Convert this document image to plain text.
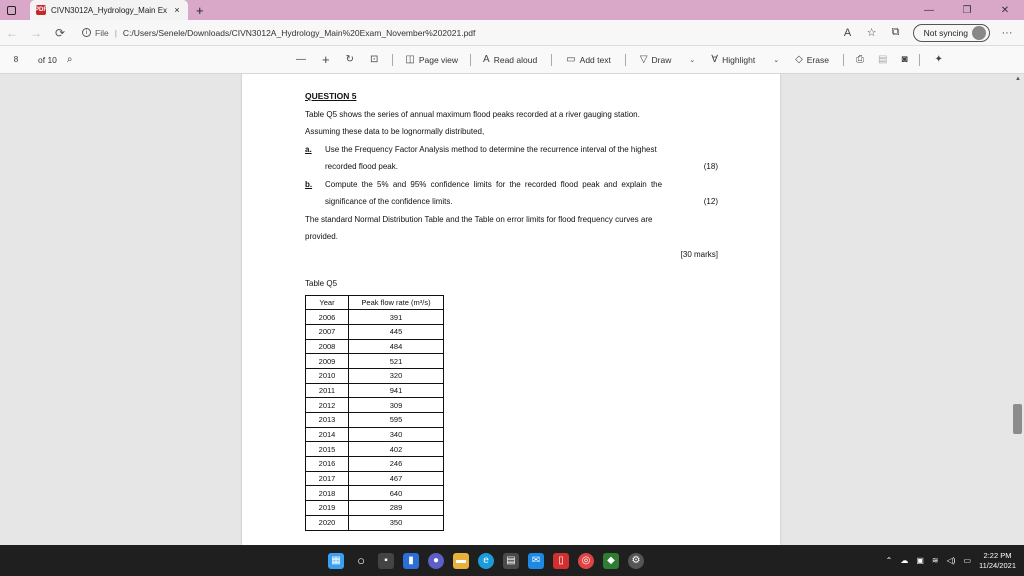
PDF CIVN3012A_Hydrology_Main Ex × +	—	❐	✕
←	→	⟳	i File | C:/Users/Senele/Downloads/CIVN3012A_Hydrology_Main%20Exam_November%202021.pdf	A	☆ ⧉	Not syncing	···
8	of 10 ⌕	— + ↻ ⊡	◫ Page view	A Read aloud	▭ Add text	▽ Draw	⌄ ∀ Highlight	⌄ ◇ Erase	⎙ ▤ ◙	✦
QUESTION 5
Table Q5 shows the series of annual maximum flood peaks recorded at a river gauging station.
Assuming these data to be lognormally distributed,
a.	Use the Frequency Factor Analysis method to determine the recurrence interval of the highest
recorded flood peak.	(18)
b.	Compute the 5% and 95% confidence limits for the recorded flood peak and explain the
significance of the confidence limits.	(12)
The standard Normal Distribution Table and the Table on error limits for flood frequency curves are
provided.
[30 marks]
Table Q5
Year	Peak flow rate (m³/s)
2006	391
2007	445
2008	484
2009	521
2010	320
2011	941
2012	309
2013	595
2014	340
2015	402
2016	246
2017	467
2018	640
2019	289
2020	350
▲
▦	○	▪	▮	●	▬	e	▤	✉	▯	◎	◆	⚙	⌃ ☁ ▣ ≋ ◁) ▭
2:22 PM
11/24/2021
